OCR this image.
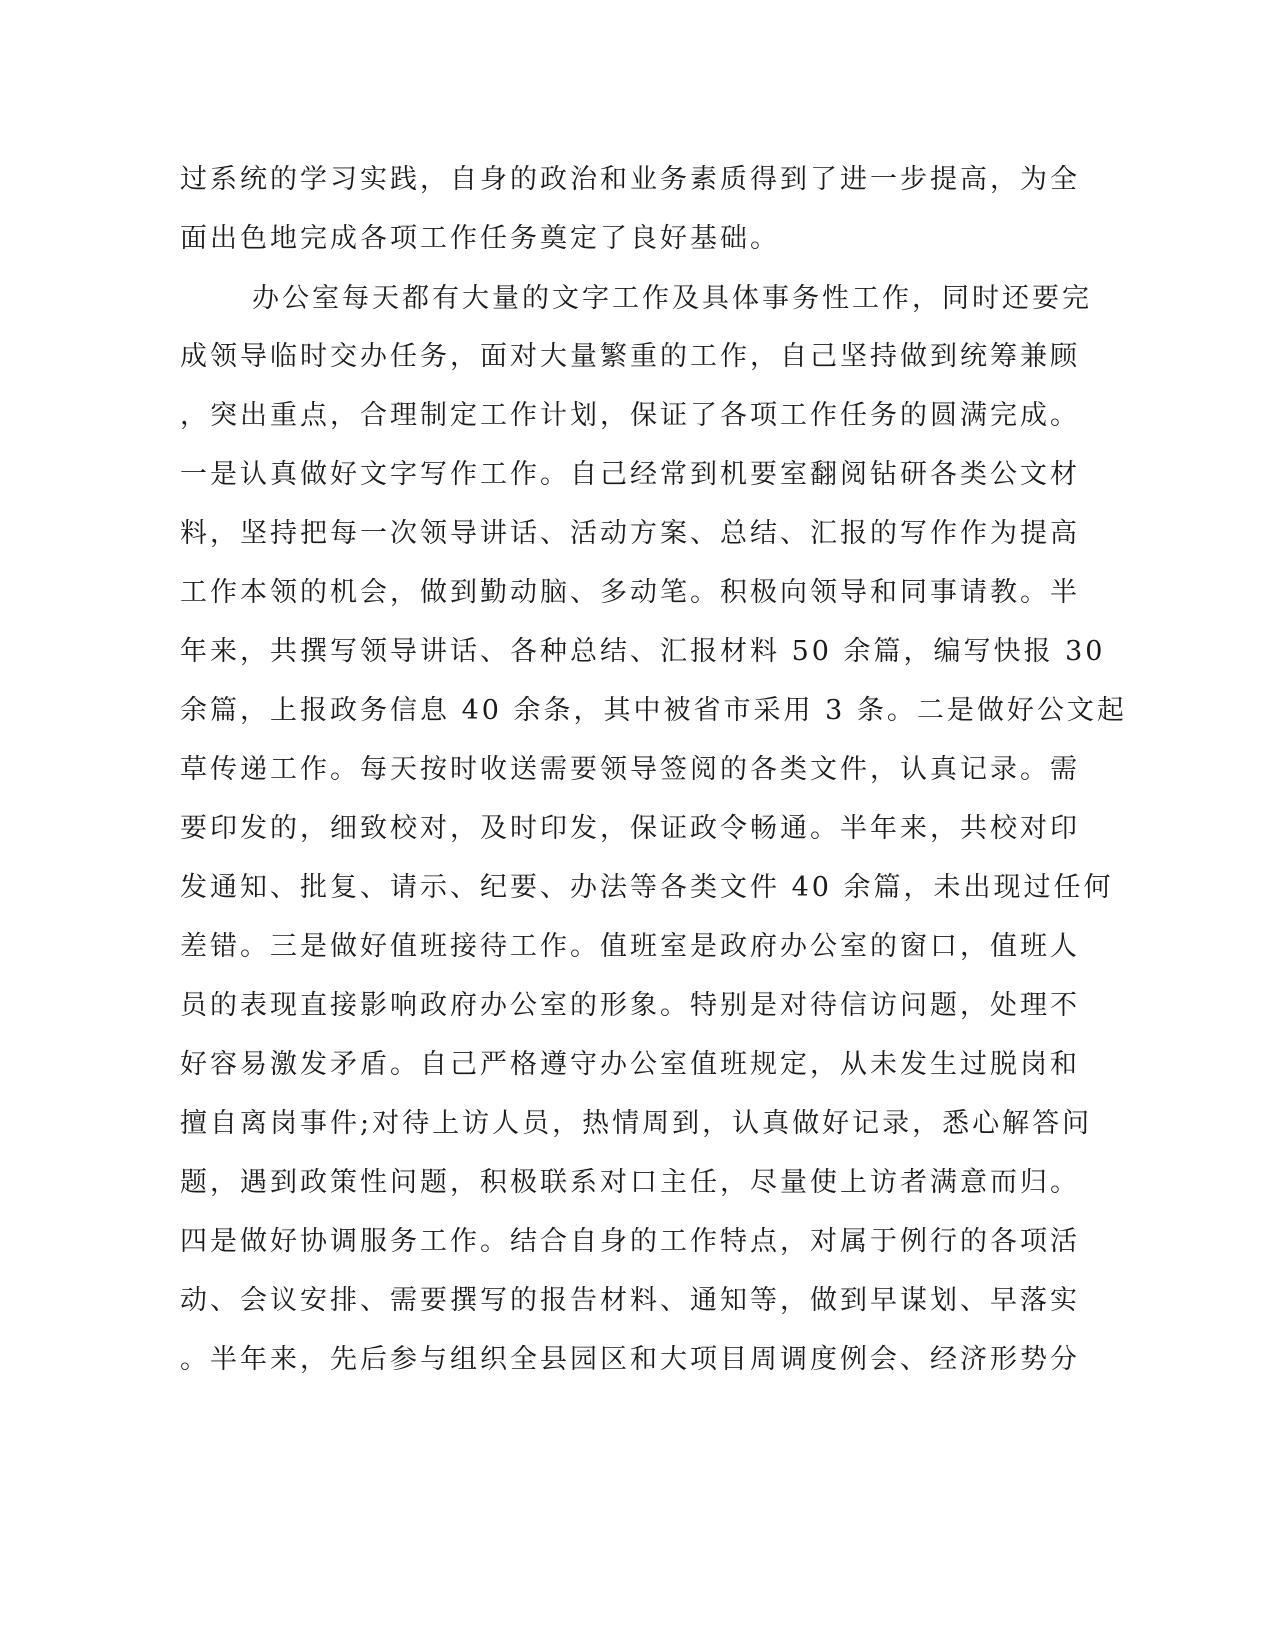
过系统的学习实践，自身的政治和业务素质得到了进一步提高，为全
面出色地完成各项工作任务奠定了良好基础。
办公室每天都有大量的文字工作及具体事务性工作，同时还要完
成领导临时交办任务，面对大量繁重的工作，自己坚持做到统筹兼顾
，突出重点，合理制定工作计划，保证了各项工作任务的圆满完成。
一是认真做好文字写作工作。自己经常到机要室翻阅钻研各类公文材
料，坚持把每一次领导讲话、活动方案、总结、汇报的写作作为提高
工作本领的机会，做到勤动脑、多动笔。积极向领导和同事请教。半
年来，共撰写领导讲话、各种总结、汇报材料 50 余篇，编写快报 30
余篇，上报政务信息 40 余条，其中被省市采用 3 条。二是做好公文起
草传递工作。每天按时收送需要领导签阅的各类文件，认真记录。需
要印发的，细致校对，及时印发，保证政令畅通。半年来，共校对印
发通知、批复、请示、纪要、办法等各类文件 40 余篇，未出现过任何
差错。三是做好值班接待工作。值班室是政府办公室的窗口，值班人
员的表现直接影响政府办公室的形象。特别是对待信访问题，处理不
好容易激发矛盾。自己严格遵守办公室值班规定，从未发生过脱岗和
擅自离岗事件;对待上访人员，热情周到，认真做好记录，悉心解答问
题，遇到政策性问题，积极联系对口主任，尽量使上访者满意而归。
四是做好协调服务工作。结合自身的工作特点，对属于例行的各项活
动、会议安排、需要撰写的报告材料、通知等，做到早谋划、早落实
。半年来，先后参与组织全县园区和大项目周调度例会、经济形势分
